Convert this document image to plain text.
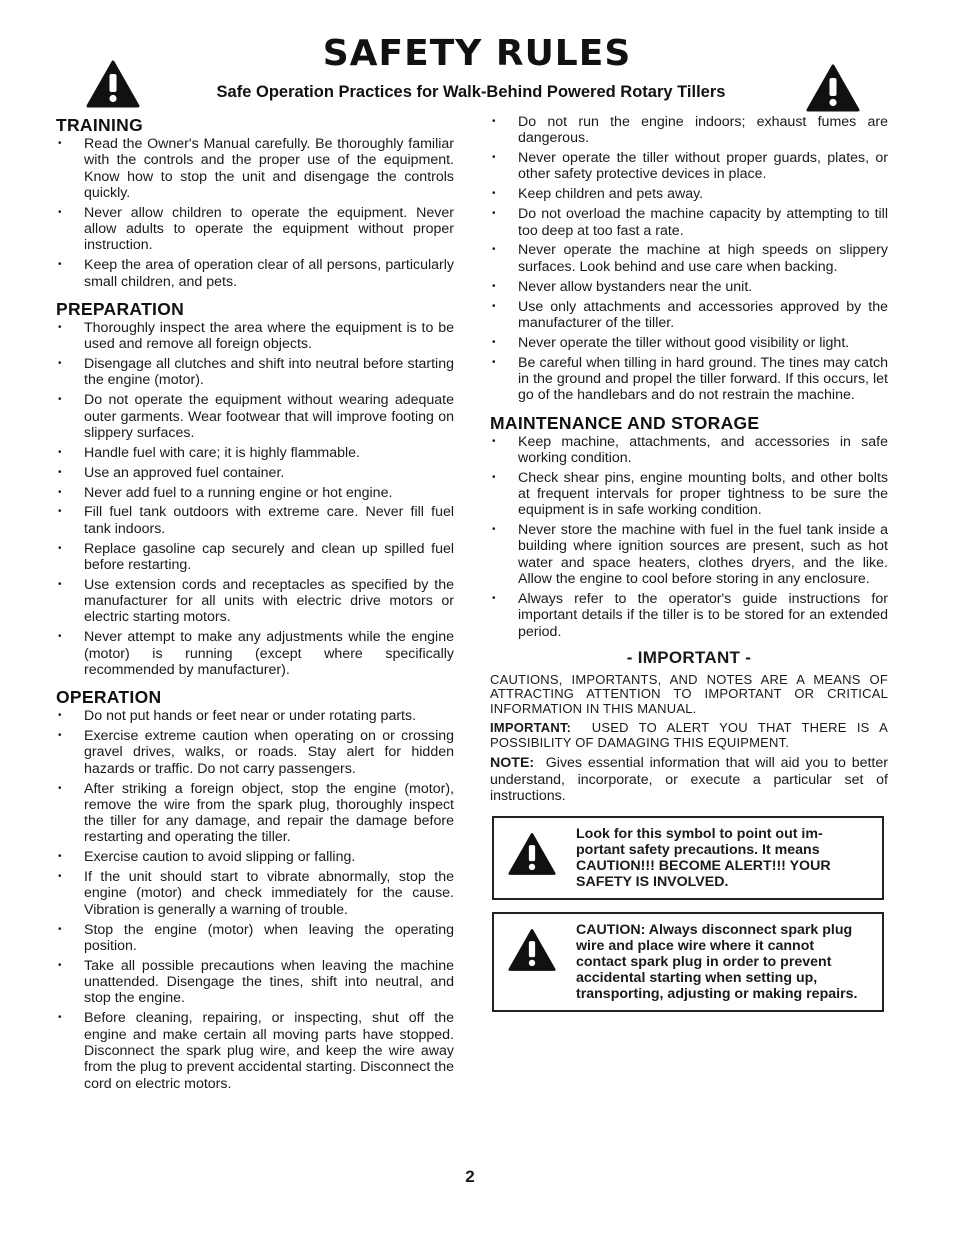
SAFETY RULES
Safe Operation Practices for Walk-Behind Powered Rotary Tillers
TRAINING
• Read the Owner's Manual carefully. Be thoroughly familiar with the controls and the proper use of the equipment. Know how to stop the unit and disengage the controls quickly.
• Never allow children to operate the equipment. Never allow adults to operate the equipment without proper instruction.
• Keep the area of operation clear of all persons, particularly small children, and pets.
PREPARATION
• Thoroughly inspect the area where the equipment is to be used and remove all foreign objects.
• Disengage all clutches and shift into neutral before starting the engine (motor).
• Do not operate the equipment without wearing adequate outer garments. Wear footwear that will improve footing on slippery surfaces.
• Handle fuel with care; it is highly flammable.
• Use an approved fuel container.
• Never add fuel to a running engine or hot engine.
• Fill fuel tank outdoors with extreme care. Never fill fuel tank indoors.
• Replace gasoline cap securely and clean up spilled fuel before restarting.
• Use extension cords and receptacles as specified by the manufacturer for all units with electric drive motors or electric starting motors.
• Never attempt to make any adjustments while the engine (motor) is running (except where specifically recommended by manufacturer).
OPERATION
• Do not put hands or feet near or under rotating parts.
• Exercise extreme caution when operating on or crossing gravel drives, walks, or roads. Stay alert for hidden hazards or traffic. Do not carry passengers.
• After striking a foreign object, stop the engine (motor), remove the wire from the spark plug, thoroughly inspect the tiller for any damage, and repair the damage before restarting and operating the tiller.
• Exercise caution to avoid slipping or falling.
• If the unit should start to vibrate abnormally, stop the engine (motor) and check immediately for the cause. Vibration is generally a warning of trouble.
• Stop the engine (motor) when leaving the operating position.
• Take all possible precautions when leaving the machine unattended. Disengage the tines, shift into neutral, and stop the engine.
• Before cleaning, repairing, or inspecting, shut off the engine and make certain all moving parts have stopped. Disconnect the spark plug wire, and keep the wire away from the plug to prevent accidental starting. Disconnect the cord on electric motors.
• Do not run the engine indoors; exhaust fumes are dangerous.
• Never operate the tiller without proper guards, plates, or other safety protective devices in place.
• Keep children and pets away.
• Do not overload the machine capacity by attempting to till too deep at too fast a rate.
• Never operate the machine at high speeds on slippery surfaces. Look behind and use care when backing.
• Never allow bystanders near the unit.
• Use only attachments and accessories approved by the manufacturer of the tiller.
• Never operate the tiller without good visibility or light.
• Be careful when tilling in hard ground. The tines may catch in the ground and propel the tiller forward. If this occurs, let go of the handlebars and do not restrain the machine.
MAINTENANCE AND STORAGE
• Keep machine, attachments, and accessories in safe working condition.
• Check shear pins, engine mounting bolts, and other bolts at frequent intervals for proper tightness to be sure the equipment is in safe working condition.
• Never store the machine with fuel in the fuel tank inside a building where ignition sources are present, such as hot water and space heaters, clothes dryers, and the like. Allow the engine to cool before storing in any enclosure.
• Always refer to the operator's guide instructions for important details if the tiller is to be stored for an extended period.
- IMPORTANT -

CAUTIONS, IMPORTANTS, AND NOTES ARE A MEANS OF ATTRACTING ATTENTION TO IMPORTANT OR CRITICAL INFORMATION IN THIS MANUAL.

IMPORTANT: USED TO ALERT YOU THAT THERE IS A POSSIBILITY OF DAMAGING THIS EQUIPMENT.

NOTE: Gives essential information that will aid you to better understand, incorporate, or execute a particular set of instructions.

Look for this symbol to point out important safety precautions. It means CAUTION!!! BECOME ALERT!!! YOUR SAFETY IS INVOLVED.
CAUTION: Always disconnect spark plug wire and place wire where it cannot contact spark plug in order to prevent accidental starting when setting up, transporting, adjusting or making repairs.
2
